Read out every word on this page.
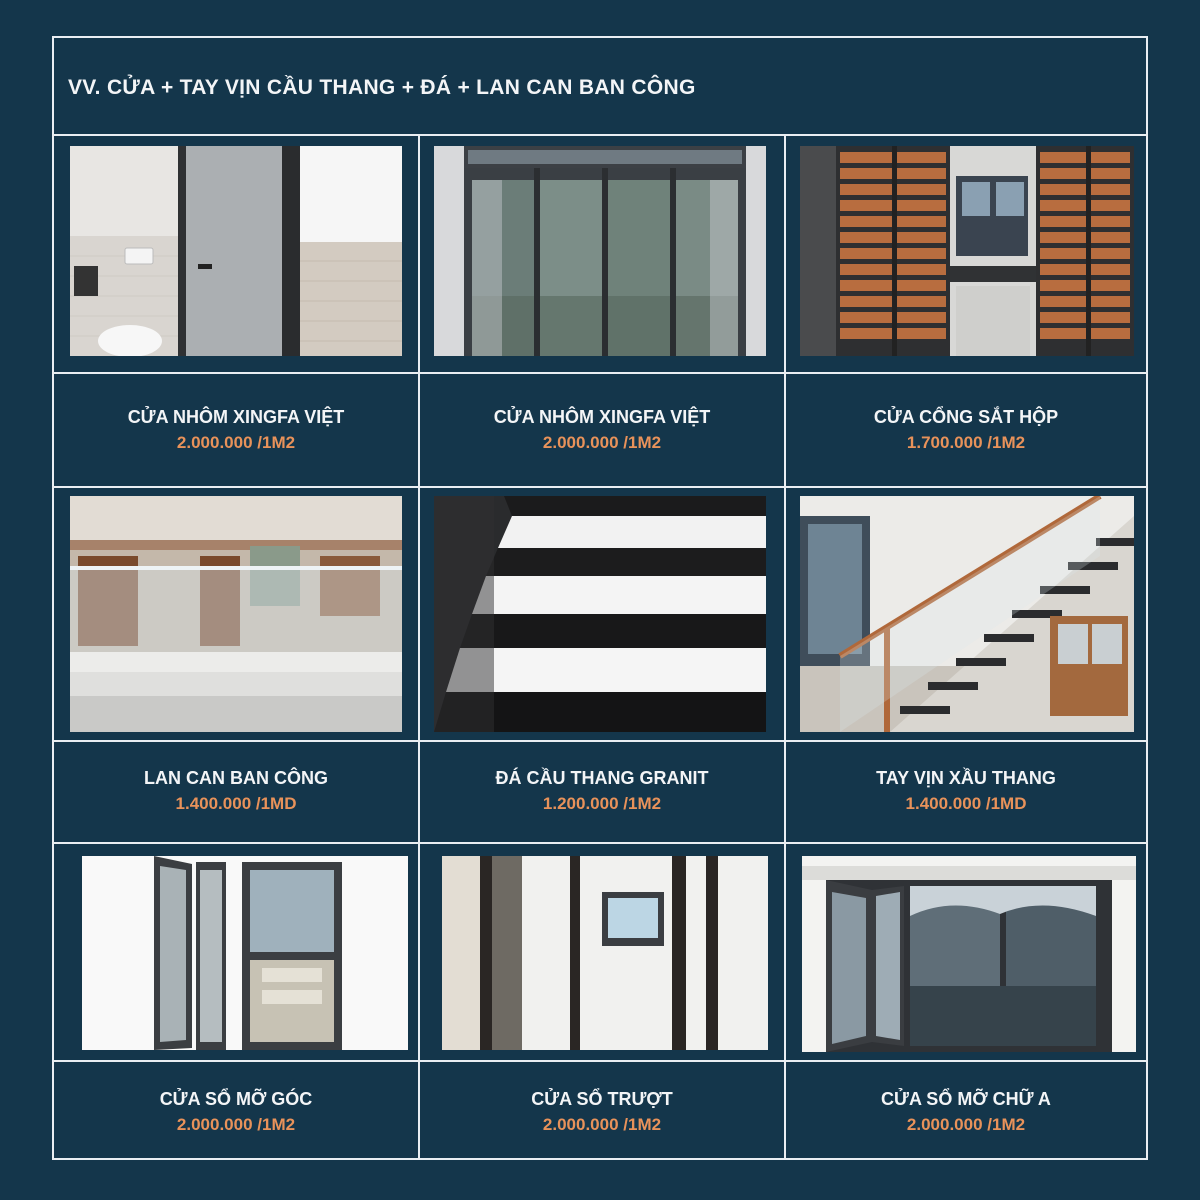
VV. CỬA + TAY VỊN CẦU THANG + ĐÁ + LAN CAN BAN CÔNG
CỬA NHÔM XINGFA VIỆT
2.000.000 /1M2
CỬA NHÔM XINGFA VIỆT
2.000.000 /1M2
CỬA CỔNG SẮT HỘP
1.700.000 /1M2
LAN CAN BAN CÔNG
1.400.000 /1MD
ĐÁ CẦU THANG GRANIT
1.200.000 /1M2
TAY VỊN XẦU THANG
1.400.000 /1MD
CỬA SỔ MỠ GÓC
2.000.000 /1M2
CỬA SỔ TRƯỢT
2.000.000 /1M2
CỬA SỔ MỠ CHỮ A
2.000.000 /1M2
